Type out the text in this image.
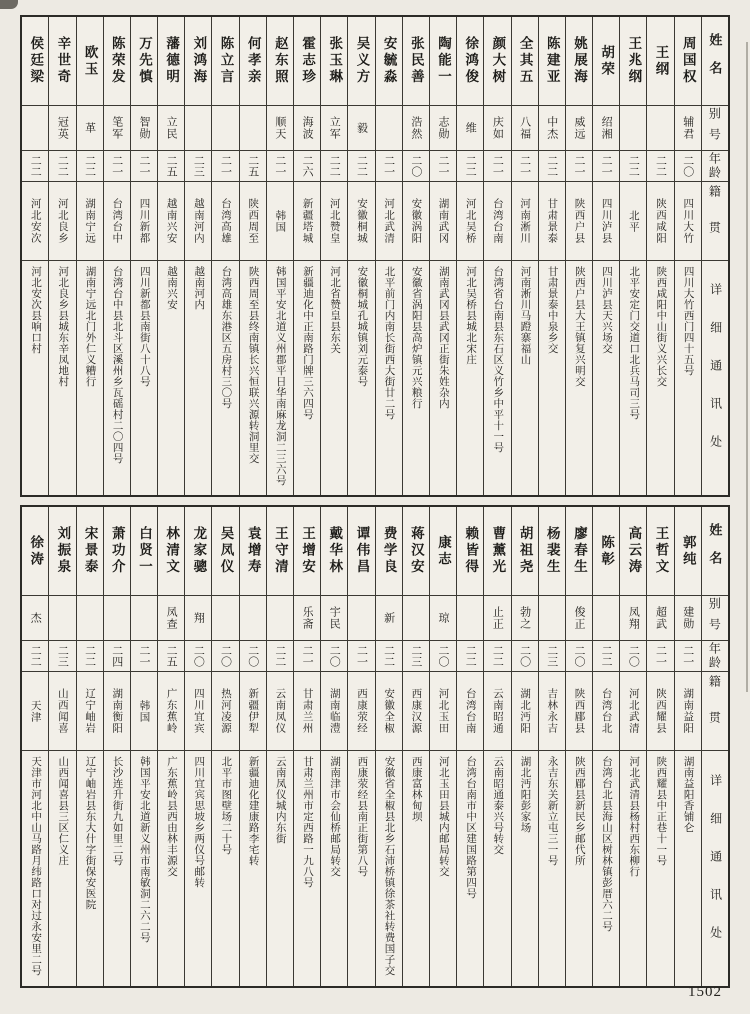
姓名
别号
年龄
籍贯
详细通讯处
周国权
辅君
二〇
四川大竹
四川大竹西门四十五号
王纲
二二
陕西咸阳
陕西咸阳中山街义兴长交
王兆纲
二二
北平
北平安定门交道口北兵马司三号
胡荣
绍湘
二一
四川泸县
四川泸县天兴场交
姚展海
威远
二一
陕西户县
陕西户县大王镇复兴明交
陈建亚
中杰
二二
甘肃景泰
甘肃景泰中泉乡交
全其五
八福
二一
河南淅川
河南淅川马蹬寨福山
颜大树
庆如
二一
台湾台南
台湾省台南县东石区义竹乡中平十一号
徐鸿俊
维
二二
河北吴桥
河北吴桥县城北宋庄
陶能一
志勋
二一
湖南武冈
湖南武冈县武冈正街朱姓杂内
张民善
浩然
二〇
安徽涡阳
安徽省涡阳县高炉镇元兴粮行
安毓淼
二一
河北武清
北平前门内南长街西大街廿二号
吴义方
毅
二二
安徽桐城
安徽桐城孔城镇刘元泰号
张玉琳
立军
二二
河北赞皇
河北省赞皇县东关
霍志珍
海波
二六
新疆塔城
新疆迪化中正南路门牌三六四号
赵东照
顺天
二一
韩国
韩国平安北道义州郡平日华南麻龙洞二三六号
何孝亲
二五
陕西周至
陕西周至县终南镇长兴恒联兴源转洞里交
陈立言
二一
台湾高雄
台湾高雄东港区五房村三〇号
刘鸿海
二三
越南河内
越南河内
藩德明
立民
二五
越南兴安
越南兴安
万先慎
智勋
二一
四川新都
四川新都县南街八十八号
陈荣发
笔军
二一
台湾台中
台湾台中县北斗区溪州乡瓦磘村二〇四号
欧玉
革
二二
湖南宁远
湖南宁远北门外仁义糟行
辛世奇
冠英
二二
河北良乡
河北良乡县城东辛凤地村
侯廷梁
二二
河北安次
河北安次县响口村
姓名
别号
年龄
籍贯
详细通讯处
郭纯
建勋
二一
湖南益阳
湖南益阳香铺仑
王哲文
超武
二一
陕西耀县
陕西耀县中正巷十一号
高云涛
凤翔
二〇
河北武清
河北武清县杨村西东柳行
陈彰
二二
台湾台北
台湾台北县海山区树林镇彭厝六二号
廖春生
俊正
二〇
陕西郿县
陕西郿县新民乡邮代所
杨裴生
二三
吉林永吉
永吉东关新立屯三一号
胡祖尧
勃之
二〇
湖北沔阳
湖北沔阳彭家场
曹薰光
止正
二二
云南昭通
云南昭通泰兴号转交
赖皆得
二二
台湾台南
台湾台南市中区建国路第四号
康志
琼
二〇
河北玉田
河北玉田县城内邮局转交
蒋汉安
二三
西康汉源
西康富林甸坝
费学良
新
二二
安徽全椒
安徽省全椒县北乡石沛桥镇徐茶社转费国子交
谭伟昌
二一
西康荥经
西康荥经县南正街第八号
戴华林
宇民
二〇
湖南临澧
湖南津市会仙桥邮局转交
王增安
乐斋
二一
甘肃兰州
甘肃兰州市定西路一九八号
王守清
二二
云南凤仪
云南凤仪城内东街
袁增寿
二〇
新疆伊犁
新疆迪化建康路李宅转
吴凤仪
二〇
热河凌源
北平市图壁场二十号
龙家骢
翔
二〇
四川宜宾
四川宜宾思坡乡两仪号邮转
林清文
凤查
二五
广东蕉岭
广东蕉岭县西由林丰源交
白贤一
二一
韩国
韩国平安北道新义州市南敏洞二六二号
萧功介
二四
湖南衡阳
长沙连升街九如里二号
宋景泰
二二
辽宁岫岩
辽宁岫岩县东大什字街保安医院
刘振泉
二三
山西闻喜
山西闻喜县三区仁义庄
徐涛
杰
二二
天津
天津市河北中山马路月纬路口对过永安里二号
1502
